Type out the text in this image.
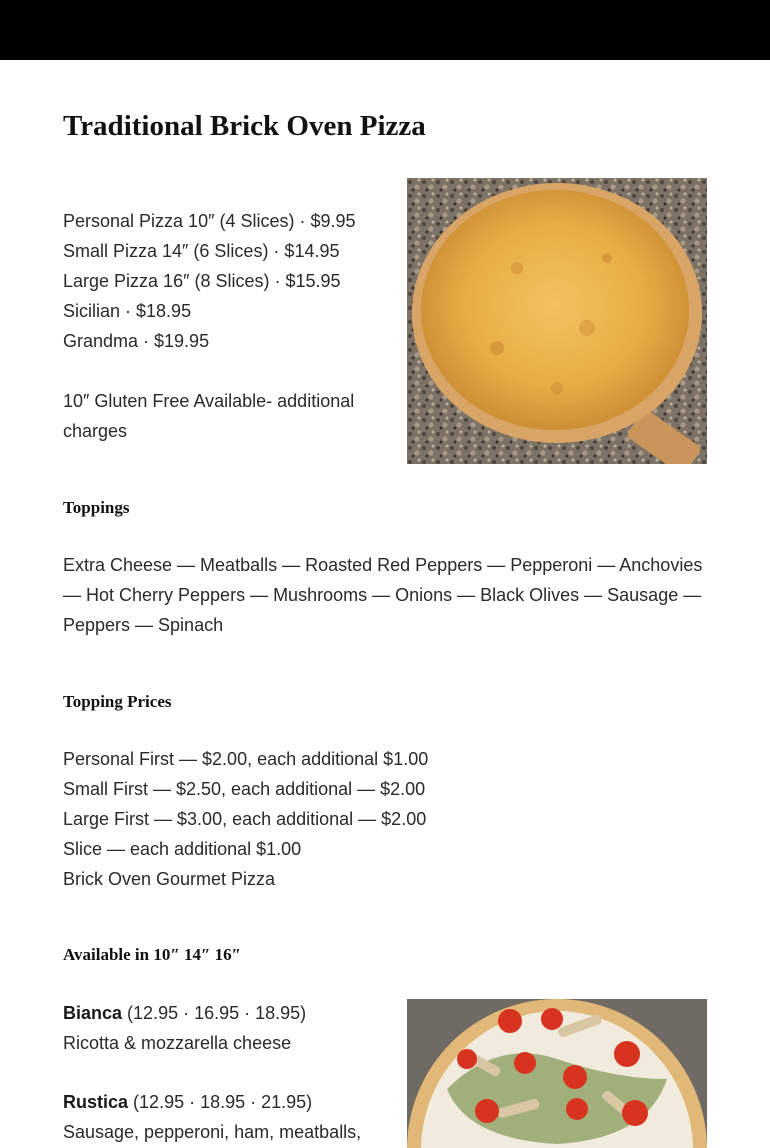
Traditional Brick Oven Pizza
Personal Pizza 10″ (4 Slices) · $9.95
Small Pizza 14″ (6 Slices) · $14.95
Large Pizza 16″ (8 Slices) · $15.95
Sicilian · $18.95
Grandma · $19.95

10″ Gluten Free Available- additional charges

Toppings

Extra Cheese — Meatballs — Roasted Red Peppers — Pepperoni — Anchovies — Hot Cherry Peppers — Mushrooms — Onions — Black Olives — Sausage — Peppers — Spinach

Topping Prices
Personal First — $2.00, each additional $1.00
Small First — $2.50, each additional — $2.00
Large First — $3.00, each additional — $2.00
Slice — each additional $1.00
Brick Oven Gourmet Pizza
Available in 10″ 14″ 16″
Bianca (12.95 · 16.95 · 18.95)
Ricotta & mozzarella cheese
Rustica (12.95 · 18.95 · 21.95)
Sausage, pepperoni, ham, meatballs,
